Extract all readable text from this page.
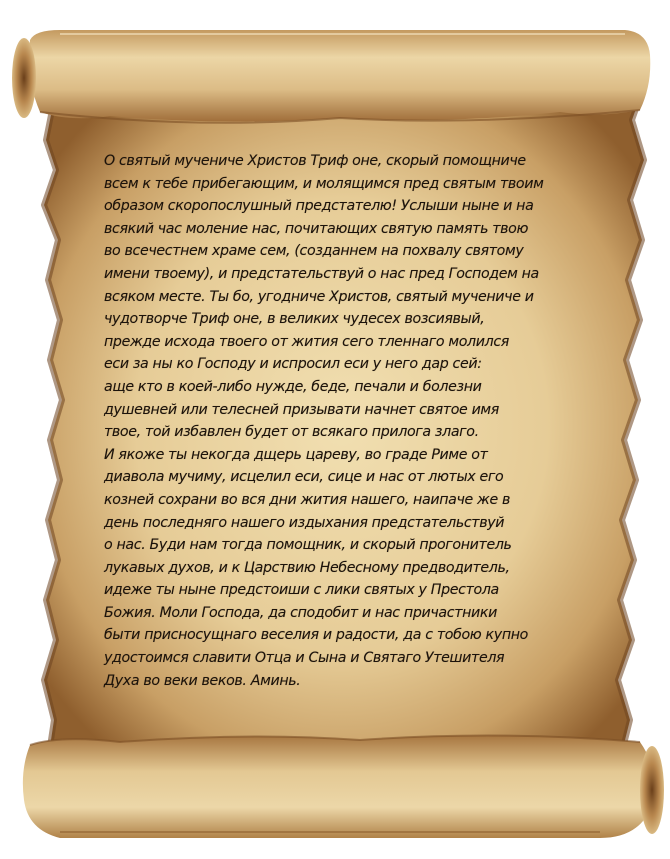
О святый мучениче Христов Триф оне, скорый помощниче
всем к тебе прибегающим, и молящимся пред святым твоим
образом скоропослушный предстателю! Услыши ныне и на
всякий час моление нас, почитающих святую память твою
во всечестнем храме сем, (созданнем на похвалу святому
имени твоему), и предстательствуй о нас пред Господем на
всяком месте. Ты бо, угодниче Христов, святый мучениче и
чудотворче Триф оне, в великих чудесех возсиявый,
прежде исхода твоего от жития сего тленнаго молился
еси за ны ко Господу и испросил еси у него дар сей:
аще кто в коей-либо нужде, беде, печали и болезни
душевней или телесней призывати начнет святое имя
твое, той избавлен будет от всякаго прилога злаго.
И якоже ты некогда дщерь цареву, во граде Риме от
диавола мучиму, исцелил еси, сице и нас от лютых его
козней сохрани во вся дни жития нашего, наипаче же в
день последняго нашего издыхания предстательствуй
о нас. Буди нам тогда помощник, и скорый прогонитель
лукавых духов, и к Царствию Небесному предводитель,
идеже ты ныне предстоиши с лики святых у Престола
Божия. Моли Господа, да сподобит и нас причастники
быти присносущнаго веселия и радости, да с тобою купно
удостоимся славити Отца и Сына и Святаго Утешителя
Духа во веки веков. Аминь.
